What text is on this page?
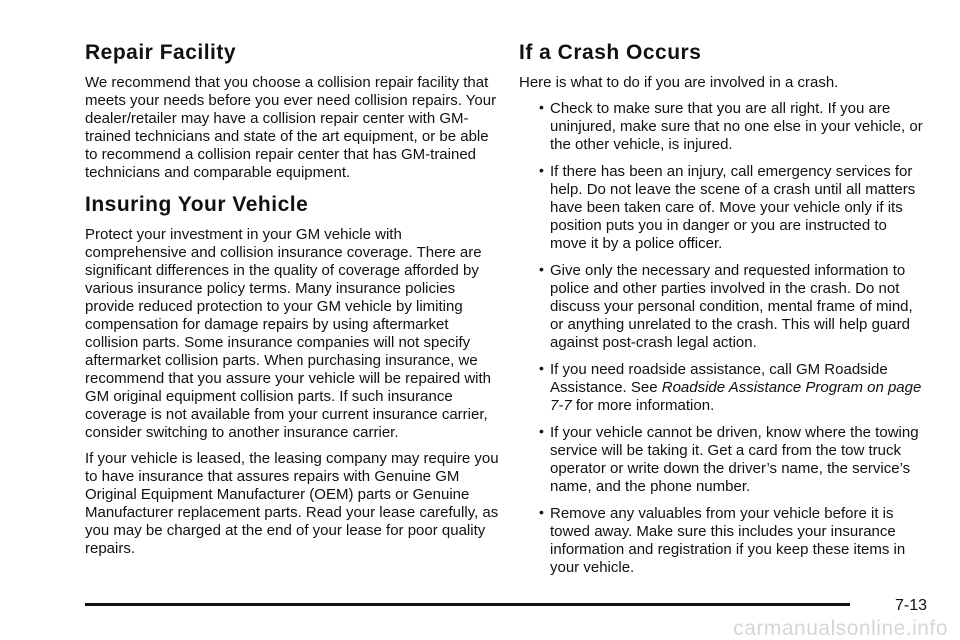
Repair Facility

We recommend that you choose a collision repair facility that meets your needs before you ever need collision repairs. Your dealer/retailer may have a collision repair center with GM-trained technicians and state of the art equipment, or be able to recommend a collision repair center that has GM-trained technicians and comparable equipment.

Insuring Your Vehicle

Protect your investment in your GM vehicle with comprehensive and collision insurance coverage. There are significant differences in the quality of coverage afforded by various insurance policy terms. Many insurance policies provide reduced protection to your GM vehicle by limiting compensation for damage repairs by using aftermarket collision parts. Some insurance companies will not specify aftermarket collision parts. When purchasing insurance, we recommend that you assure your vehicle will be repaired with GM original equipment collision parts. If such insurance coverage is not available from your current insurance carrier, consider switching to another insurance carrier.

If your vehicle is leased, the leasing company may require you to have insurance that assures repairs with Genuine GM Original Equipment Manufacturer (OEM) parts or Genuine Manufacturer replacement parts. Read your lease carefully, as you may be charged at the end of your lease for poor quality repairs.

If a Crash Occurs

Here is what to do if you are involved in a crash.

• Check to make sure that you are all right. If you are uninjured, make sure that no one else in your vehicle, or the other vehicle, is injured.
• If there has been an injury, call emergency services for help. Do not leave the scene of a crash until all matters have been taken care of. Move your vehicle only if its position puts you in danger or you are instructed to move it by a police officer.
• Give only the necessary and requested information to police and other parties involved in the crash. Do not discuss your personal condition, mental frame of mind, or anything unrelated to the crash. This will help guard against post-crash legal action.
• If you need roadside assistance, call GM Roadside Assistance. See Roadside Assistance Program on page 7-7 for more information.
• If your vehicle cannot be driven, know where the towing service will be taking it. Get a card from the tow truck operator or write down the driver’s name, the service’s name, and the phone number.
• Remove any valuables from your vehicle before it is towed away. Make sure this includes your insurance information and registration if you keep these items in your vehicle.
7-13
carmanualsonline.info
